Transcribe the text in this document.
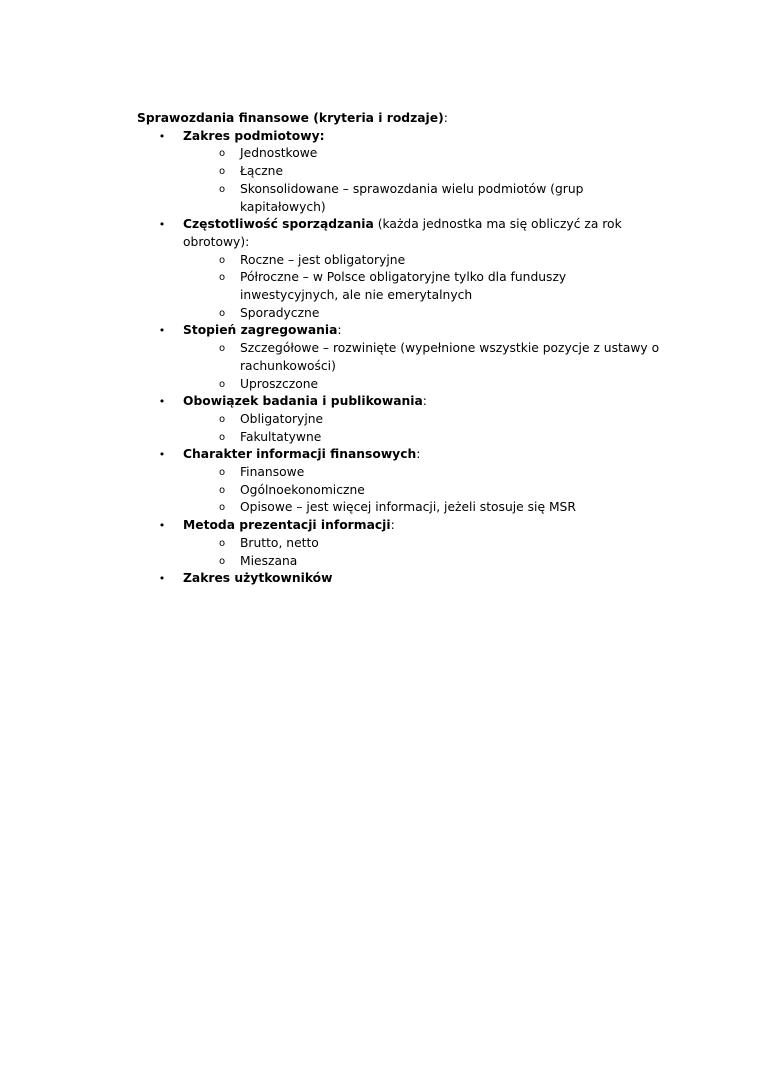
Sprawozdania finansowe (kryteria i rodzaje):
• Zakres podmiotowy:
o Jednostkowe
o Łączne
o Skonsolidowane – sprawozdania wielu podmiotów (grup kapitałowych)
• Częstotliwość sporządzania (każda jednostka ma się obliczyć za rok obrotowy):
o Roczne – jest obligatoryjne
o Półroczne – w Polsce obligatoryjne tylko dla funduszy inwestycyjnych, ale nie emerytalnych
o Sporadyczne
• Stopień zagregowania:
o Szczegółowe – rozwinięte (wypełnione wszystkie pozycje z ustawy o rachunkowości)
o Uproszczone
• Obowiązek badania i publikowania:
o Obligatoryjne
o Fakultatywne
• Charakter informacji finansowych:
o Finansowe
o Ogólnoekonomiczne
o Opisowe – jest więcej informacji, jeżeli stosuje się MSR
• Metoda prezentacji informacji:
o Brutto, netto
o Mieszana
• Zakres użytkowników
